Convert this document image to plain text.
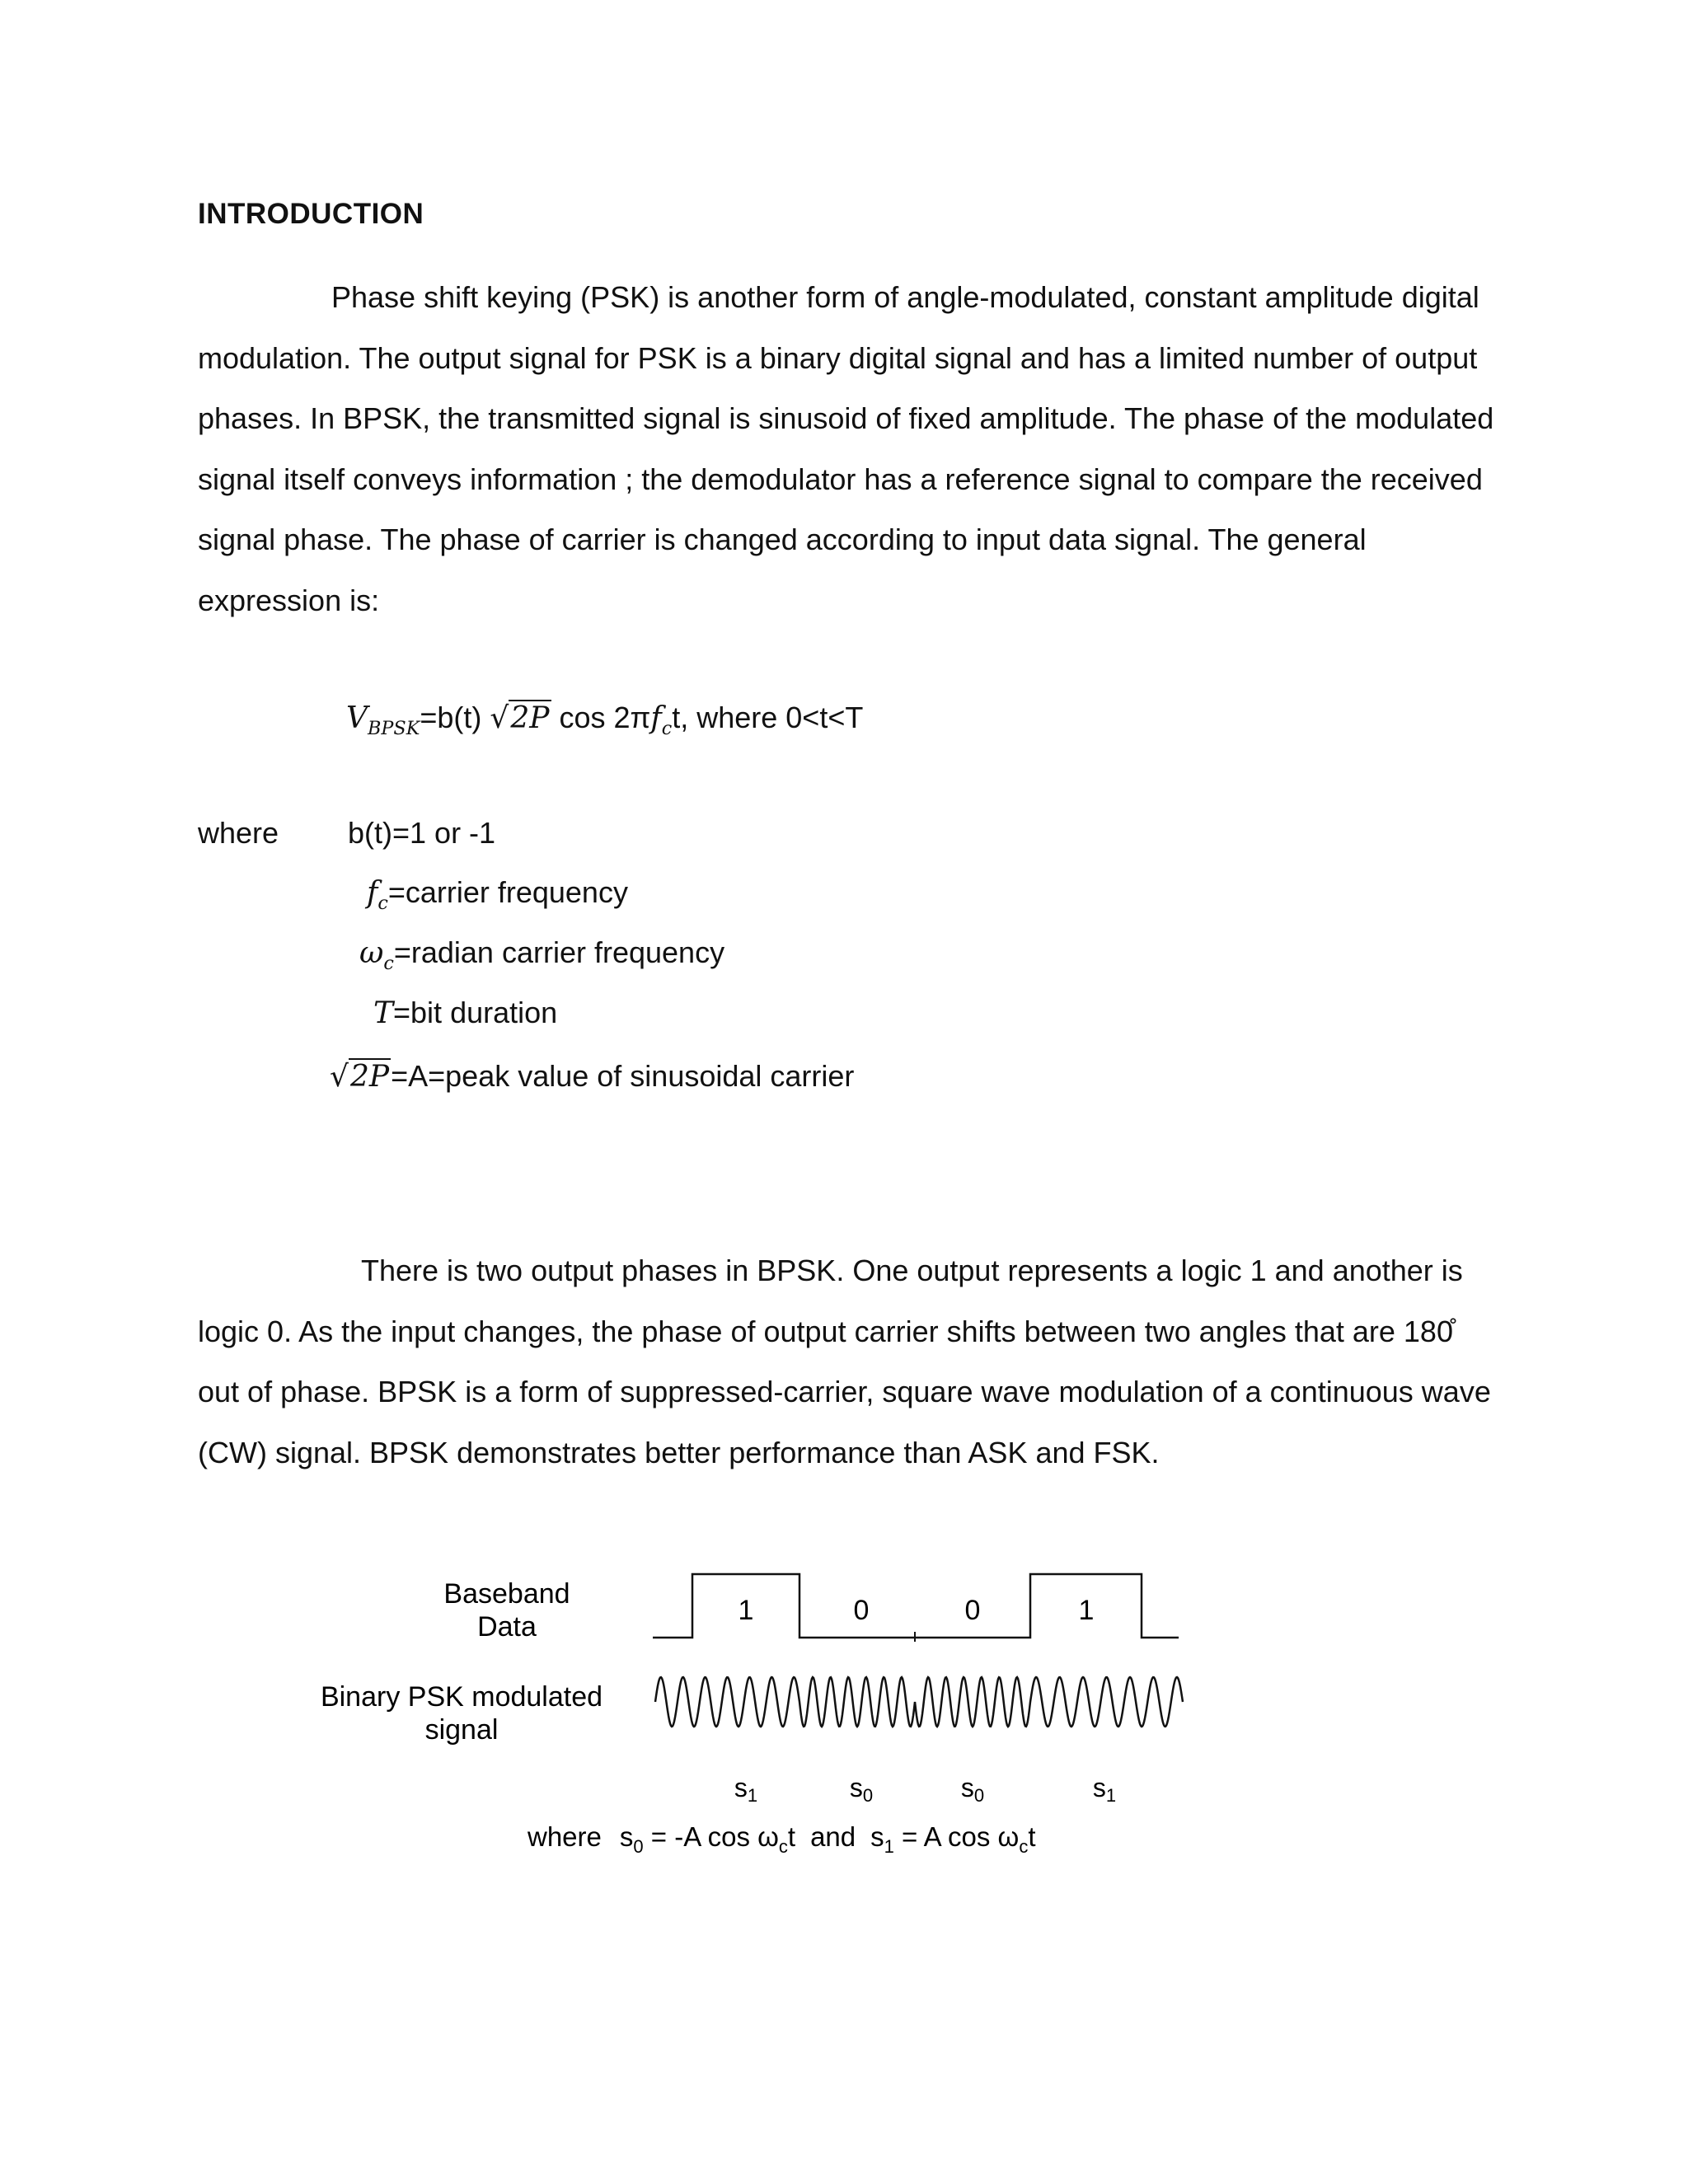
INTRODUCTION

Phase shift keying (PSK) is another form of angle-modulated, constant amplitude digital modulation. The output signal for PSK is a binary digital signal and has a limited number of output phases. In BPSK, the transmitted signal is sinusoid of fixed amplitude. The phase of the modulated signal itself conveys information ; the demodulator has a reference signal to compare the received signal phase. The phase of carrier is changed according to input data signal. The general expression is:

$V_{BPSK}=b(t)$ √2P $\cos 2\pi f_ct$, where 0<t<T
where b(t)=1 or -1
$f_c=carrier$ frequency
$\omega_c=radian$ carrier frequency
T=bit duration
√2P=A=peak value of sinusoidal carrier

There is two output phases in BPSK. One output represents a logic 1 and another is logic 0. As the input changes, the phase of output carrier shifts between two angles that are 180̊ out of phase. BPSK is a form of suppressed-carrier, square wave modulation of a continuous wave (CW) signal. BPSK demonstrates better performance than ASK and FSK.

Baseband
Data
Binary PSK modulated
signal
1	0	0	1
s1	s0	s0	s1
where $s_0 = -A$ $\cos \omega_ct$ and $s_1 = A$ $\cos \omega_ct$
